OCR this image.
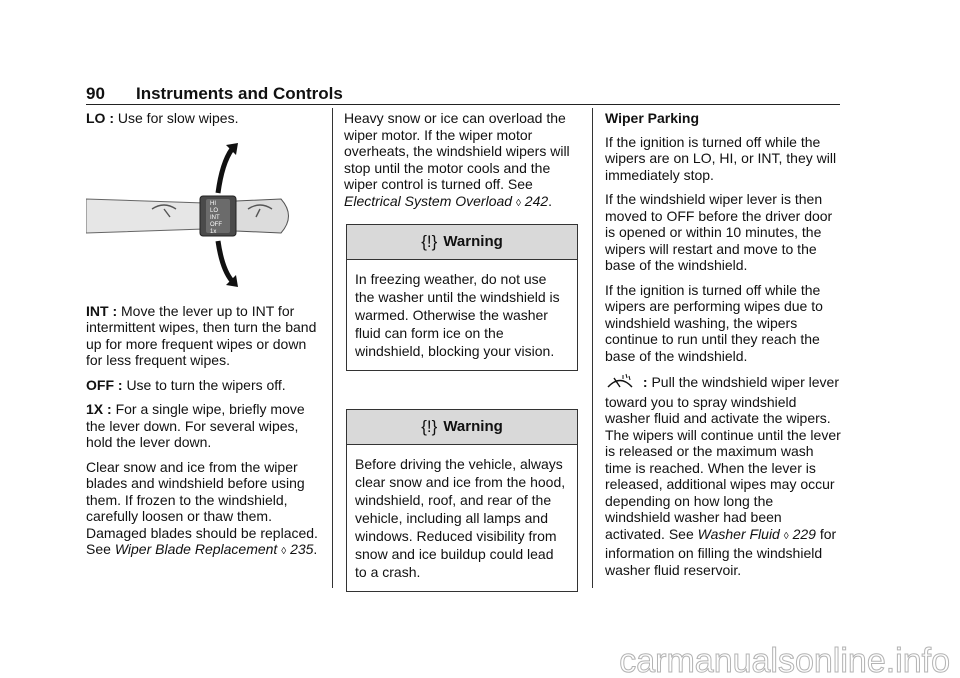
90 Instruments and Controls

LO : Use for slow wipes.

HI
LO
INT
OFF
1x

INT : Move the lever up to INT for intermittent wipes, then turn the band up for more frequent wipes or down for less frequent wipes.

OFF : Use to turn the wipers off.

1X : For a single wipe, briefly move the lever down. For several wipes, hold the lever down.

Clear snow and ice from the wiper blades and windshield before using them. If frozen to the windshield, carefully loosen or thaw them. Damaged blades should be replaced. See Wiper Blade Replacement ◊ 235.

Heavy snow or ice can overload the wiper motor. If the wiper motor overheats, the windshield wipers will stop until the motor cools and the wiper control is turned off. See Electrical System Overload ◊ 242.

{!} Warning
In freezing weather, do not use the washer until the windshield is warmed. Otherwise the washer fluid can form ice on the windshield, blocking your vision.
{!} Warning
Before driving the vehicle, always clear snow and ice from the hood, windshield, roof, and rear of the vehicle, including all lamps and windows. Reduced visibility from snow and ice buildup could lead to a crash.
Wiper Parking

If the ignition is turned off while the wipers are on LO, HI, or INT, they will immediately stop.

If the windshield wiper lever is then moved to OFF before the driver door is opened or within 10 minutes, the wipers will restart and move to the base of the windshield.

If the ignition is turned off while the wipers are performing wipes due to windshield washing, the wipers continue to run until they reach the base of the windshield.

: Pull the windshield wiper lever toward you to spray windshield washer fluid and activate the wipers. The wipers will continue until the lever is released or the maximum wash time is reached. When the lever is released, additional wipes may occur depending on how long the windshield washer had been activated. See Washer Fluid ◊ 229 for information on filling the windshield washer fluid reservoir.

carmanualsonline.info
